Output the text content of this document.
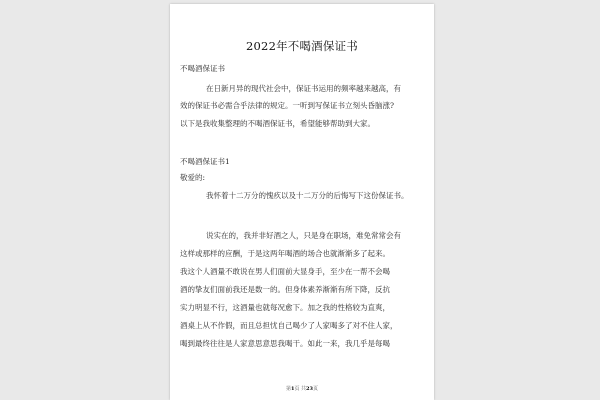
2022年不喝酒保证书
不喝酒保证书
在日新月异的现代社会中，保证书运用的频率越来越高，有
效的保证书必需合乎法律的规定。一听到写保证书立刻头昏脑涨?
以下是我收集整理的不喝酒保证书，希望能够帮助到大家。
不喝酒保证书1
敬爱的:
我怀着十二万分的愧疚以及十二万分的后悔写下这份保证书。
说实在的，我并非好酒之人，只是身在职场，难免常常会有
这样或那样的应酬，于是这两年喝酒的场合也就渐渐多了起来。
我这个人酒量不敢说在男人们面前大显身手，至少在一帮不会喝
酒的挚友们面前我还是数一的。但身体素养渐渐有所下降，反抗
实力明显不行，这酒量也就每况愈下。加之我的性格较为直爽，
酒桌上从不作假，而且总担忧自己喝少了人家喝多了对不住人家，
喝到最终往往是人家意思意思我喝干。如此一来，我几乎是每喝
第1页 共23页
